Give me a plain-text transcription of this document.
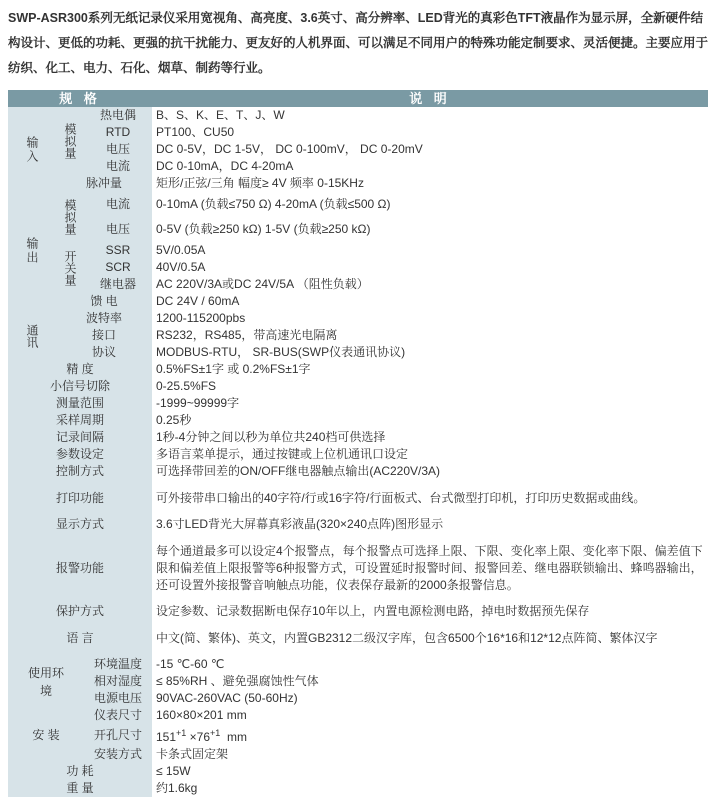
SWP-ASR300系列无纸记录仪采用宽视角、高亮度、3.6英寸、高分辨率、LED背光的真彩色TFT液晶作为显示屏，全新硬件结构设计、更低的功耗、更强的抗干扰能力、更友好的人机界面、可以满足不同用户的特殊功能定制要求、灵活便捷。主要应用于纺织、化工、电力、石化、烟草、制药等行业。
规 格			说 明
输入	模拟量	热电偶	B、S、K、E、T、J、W
		RTD	PT100、CU50
		电压	DC 0-5V，DC 1-5V， DC 0-100mV， DC 0-20mV
		电流	DC 0-10mA，DC 4-20mA
	脉冲量		矩形/正弦/三角 幅度≥ 4V 频率 0-15KHz
输出	模拟量	电流	0-10mA (负载≤750 Ω) 4-20mA (负载≤500 Ω)
		电压	0-5V (负载≥250 kΩ) 1-5V (负载≥250 kΩ)
	开关量	SSR	5V/0.05A
		SCR	40V/0.5A
		继电器	AC 220V/3A或DC 24V/5A （阻性负载）
	馈 电		DC 24V / 60mA
通讯	波特率		1200-115200pbs
	接口		RS232，RS485，带高速光电隔离
	协议		MODBUS-RTU， SR-BUS(SWP仪表通讯协议)
精 度			0.5%FS±1字 或 0.2%FS±1字
小信号切除			0-25.5%FS
测量范围			-1999~99999字
采样周期			0.25秒
记录间隔			1秒-4分钟之间以秒为单位共240档可供选择
参数设定			多语言菜单提示，通过按键或上位机通讯口设定
控制方式			可选择带回差的ON/OFF继电器触点输出(AC220V/3A)
打印功能			可外接带串口输出的40字符/行或16字符/行面板式、台式微型打印机，打印历史数据或曲线。
显示方式			3.6寸LED背光大屏幕真彩液晶(320×240点阵)图形显示
报警功能			每个通道最多可以设定4个报警点，每个报警点可选择上限、下限、变化率上限、变化率下限、偏差值下限和偏差值上限报警等6种报警方式，可设置延时报警时间、报警回差、继电器联锁输出、蜂鸣器输出，还可设置外接报警音响触点功能，仪表保存最新的2000条报警信息。
保护方式			设定参数、记录数据断电保存10年以上，内置电源检测电路，掉电时数据预先保存
语 言			中文(简、繁体)、英文，内置GB2312二级汉字库，包含6500个16*16和12*12点阵简、繁体汉字
使用环境		环境温度	-15 ℃-60 ℃
		相对湿度	≤ 85%RH 、避免强腐蚀性气体
		电源电压	90VAC-260VAC (50-60Hz)
安 装		仪表尺寸	160×80×201 mm
		开孔尺寸	$151^{+1} \times 76^{+1}$ mm
		安装方式	卡条式固定架
功 耗			≤ 15W
重 量			约1.6kg
